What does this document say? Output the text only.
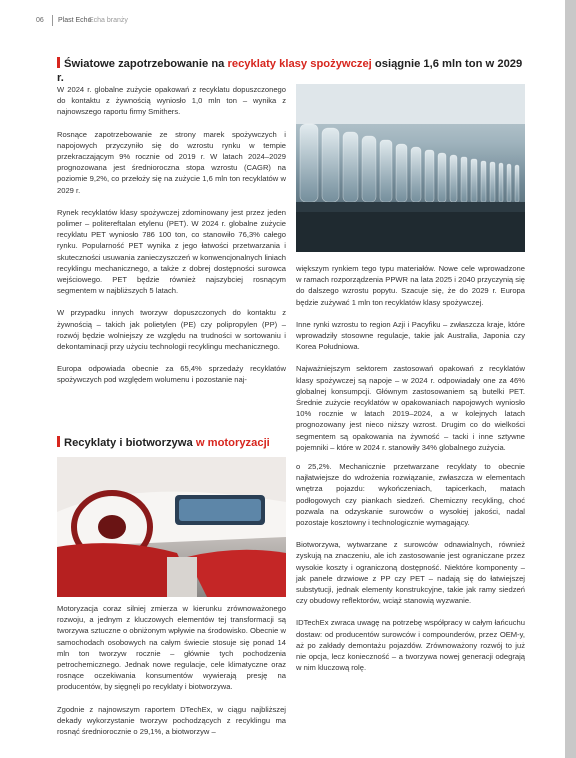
06 Plast Echo
Echa branży
Światowe zapotrzebowanie na recyklaty klasy spożywczej osiągnie 1,6 mln ton w 2029 r.

W 2024 r. globalne zużycie opakowań z recyklatu dopuszczonego do kontaktu z żywnością wyniosło 1,0 mln ton – wynika z najnowszego raportu firmy Smithers.

Rosnące zapotrzebowanie ze strony marek spożywczych i napojowych przyczyniło się do wzrostu rynku w tempie przekraczającym 9% rocznie od 2019 r. W latach 2024–2029 prognozowana jest średnioroczna stopa wzrostu (CAGR) na poziomie 9,2%, co przełoży się na zużycie 1,6 mln ton recyklatów w 2029 r.

Rynek recyklatów klasy spożywczej zdominowany jest przez jeden polimer – politereftalan etylenu (PET). W 2024 r. globalne zużycie recyklatu PET wyniosło 786 100 ton, co stanowiło 76,3% całego rynku. Popularność PET wynika z jego łatwości przetwarzania i skuteczności usuwania zanieczyszczeń w konwencjonalnych liniach recyklingu mechanicznego, a także z dobrej dostępności surowca wejściowego. PET będzie również najszybciej rosnącym segmentem w najbliższych 5 latach.

W przypadku innych tworzyw dopuszczonych do kontaktu z żywnością – takich jak polietylen (PE) czy polipropylen (PP) – rozwój będzie wolniejszy ze względu na trudności w sortowaniu i dekontaminacji przy użyciu technologii recyklingu mechanicznego.

Europa odpowiada obecnie za 65,4% sprzedaży recyklatów spożywczych pod względem wolumenu i pozostanie naj-

większym rynkiem tego typu materiałów. Nowe cele wprowadzone w ramach rozporządzenia PPWR na lata 2025 i 2040 przyczynią się do dalszego wzrostu popytu. Szacuje się, że do 2029 r. Europa będzie zużywać 1 mln ton recyklatów klasy spożywczej.

Inne rynki wzrostu to region Azji i Pacyfiku – zwłaszcza kraje, które wprowadziły stosowne regulacje, takie jak Australia, Japonia czy Korea Południowa.

Najważniejszym sektorem zastosowań opakowań z recyklatów klasy spożywczej są napoje – w 2024 r. odpowiadały one za 46% globalnej konsumpcji. Głównym zastosowaniem są butelki PET. Średnie zużycie recyklatów w opakowaniach napojowych wyniosło 10% rocznie w latach 2019–2024, a w kolejnych latach prognozowany jest nieco niższy wzrost. Drugim co do wielkości segmentem są opakowania na żywność – tacki i inne sztywne pojemniki – które w 2024 r. stanowiły 34% globalnego zużycia.

Recyklaty i biotworzywa w motoryzacji

Motoryzacja coraz silniej zmierza w kierunku zrównoważonego rozwoju, a jednym z kluczowych elementów tej transformacji są tworzywa sztuczne o obniżonym wpływie na środowisko. Obecnie w samochodach osobowych na całym świecie stosuje się ponad 14 mln ton tworzyw rocznie – głównie tych pochodzenia petrochemicznego. Jednak nowe regulacje, cele klimatyczne oraz rosnące oczekiwania konsumentów wywierają presję na producentów, by sięgnęli po recyklaty i biotworzywa.

Zgodnie z najnowszym raportem DTechEx, w ciągu najbliższej dekady wykorzystanie tworzyw pochodzących z recyklingu ma rosnąć średniorocznie o 29,1%, a biotworzyw –

o 25,2%. Mechanicznie przetwarzane recyklaty to obecnie najłatwiejsze do wdrożenia rozwiązanie, zwłaszcza w elementach wnętrza pojazdu: wykończeniach, tapicerkach, matach podłogowych czy piankach siedzeń. Chemiczny recykling, choć pozwala na odzyskanie surowców o wysokiej jakości, nadal pozostaje kosztowny i technologicznie wymagający.

Biotworzywa, wytwarzane z surowców odnawialnych, również zyskują na znaczeniu, ale ich zastosowanie jest ograniczane przez wysokie koszty i ograniczoną dostępność. Niektóre komponenty – jak panele drzwiowe z PP czy PET – nadają się do łatwiejszej substytucji, jednak elementy konstrukcyjne, takie jak ramy siedzeń czy obudowy reflektorów, wciąż stanowią wyzwanie.

IDTechEx zwraca uwagę na potrzebę współpracy w całym łańcuchu dostaw: od producentów surowców i compounderów, przez OEM-y, aż po zakłady demontażu pojazdów. Zrównoważony rozwój to już nie opcja, lecz konieczność – a tworzywa nowej generacji odegrają w nim kluczową rolę.
